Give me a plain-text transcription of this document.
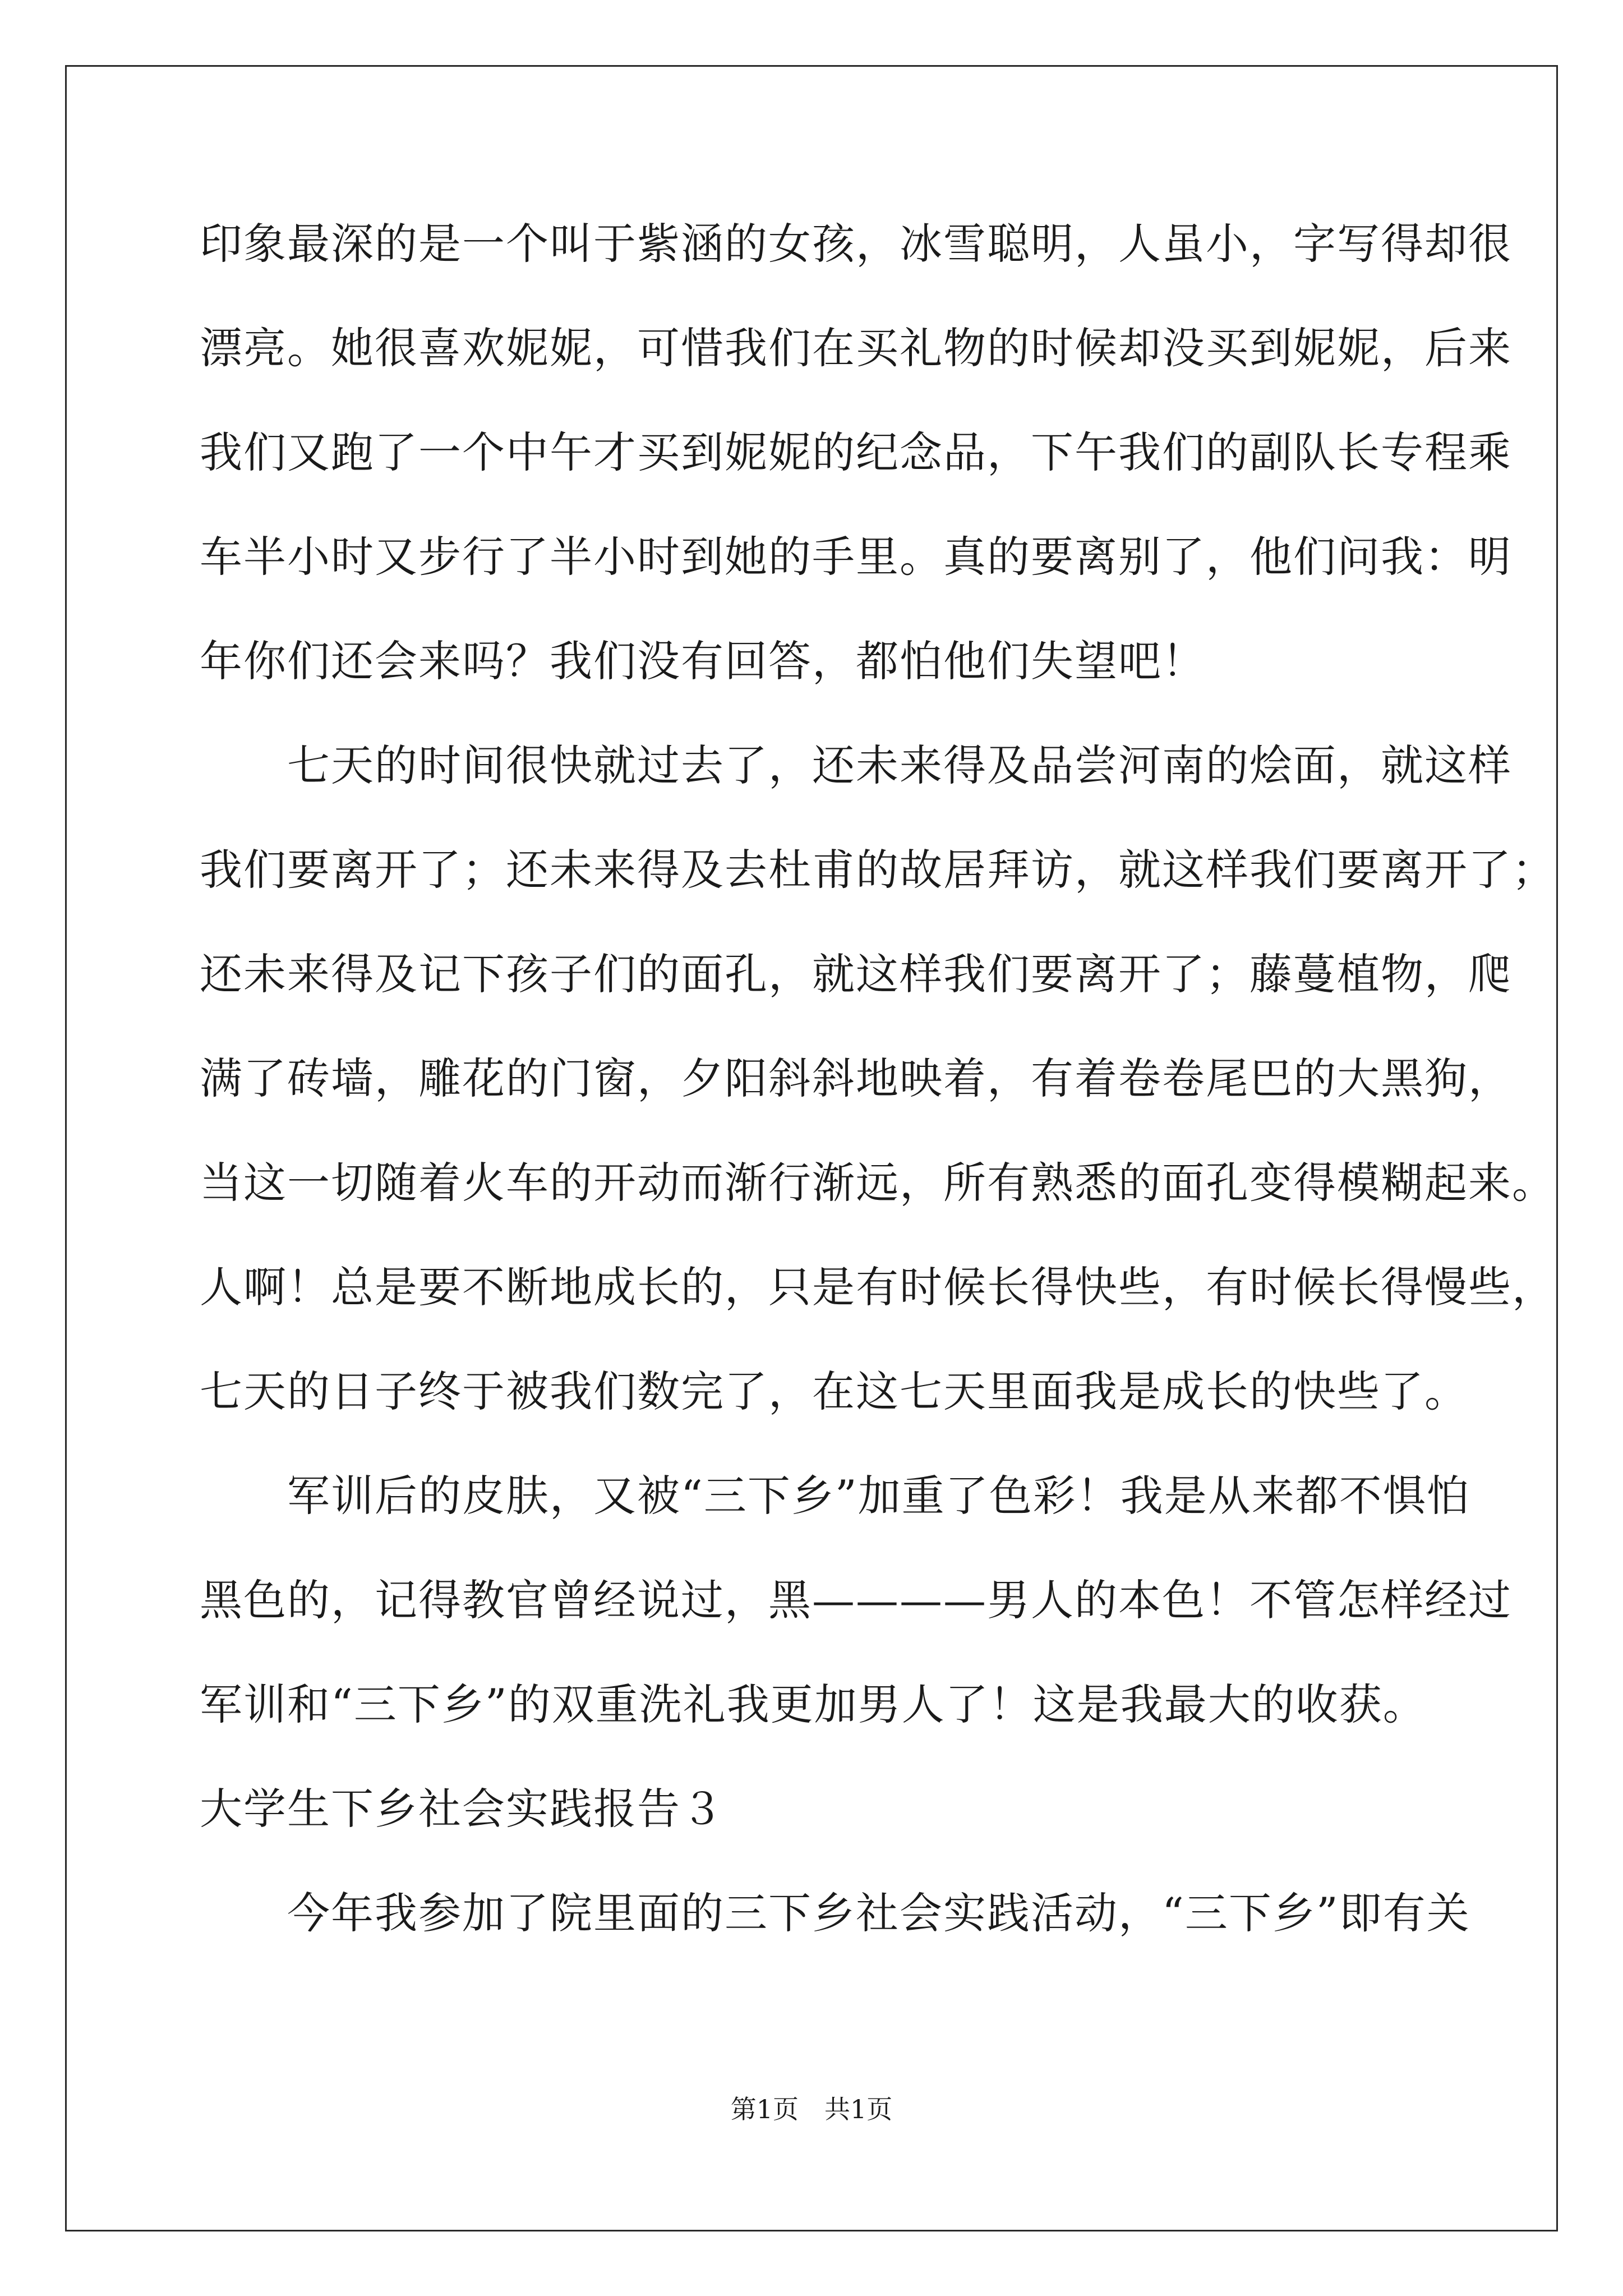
印象最深的是一个叫于紫涵的女孩，冰雪聪明，人虽小，字写得却很
漂亮。她很喜欢妮妮，可惜我们在买礼物的时候却没买到妮妮，后来
我们又跑了一个中午才买到妮妮的纪念品，下午我们的副队长专程乘
车半小时又步行了半小时到她的手里。真的要离别了，他们问我：明
年你们还会来吗？我们没有回答，都怕他们失望吧！
　　七天的时间很快就过去了，还未来得及品尝河南的烩面，就这样
我们要离开了；还未来得及去杜甫的故居拜访，就这样我们要离开了；
还未来得及记下孩子们的面孔，就这样我们要离开了；藤蔓植物，爬
满了砖墙，雕花的门窗，夕阳斜斜地映着，有着卷卷尾巴的大黑狗，
当这一切随着火车的开动而渐行渐远，所有熟悉的面孔变得模糊起来。
人啊！总是要不断地成长的，只是有时候长得快些，有时候长得慢些，
七天的日子终于被我们数完了，在这七天里面我是成长的快些了。
　　军训后的皮肤，又被“三下乡”加重了色彩！我是从来都不惧怕
黑色的，记得教官曾经说过，黑————男人的本色！不管怎样经过
军训和“三下乡”的双重洗礼我更加男人了！这是我最大的收获。
大学生下乡社会实践报告３
　　今年我参加了院里面的三下乡社会实践活动，“三下乡”即有关
第1页　共1页
